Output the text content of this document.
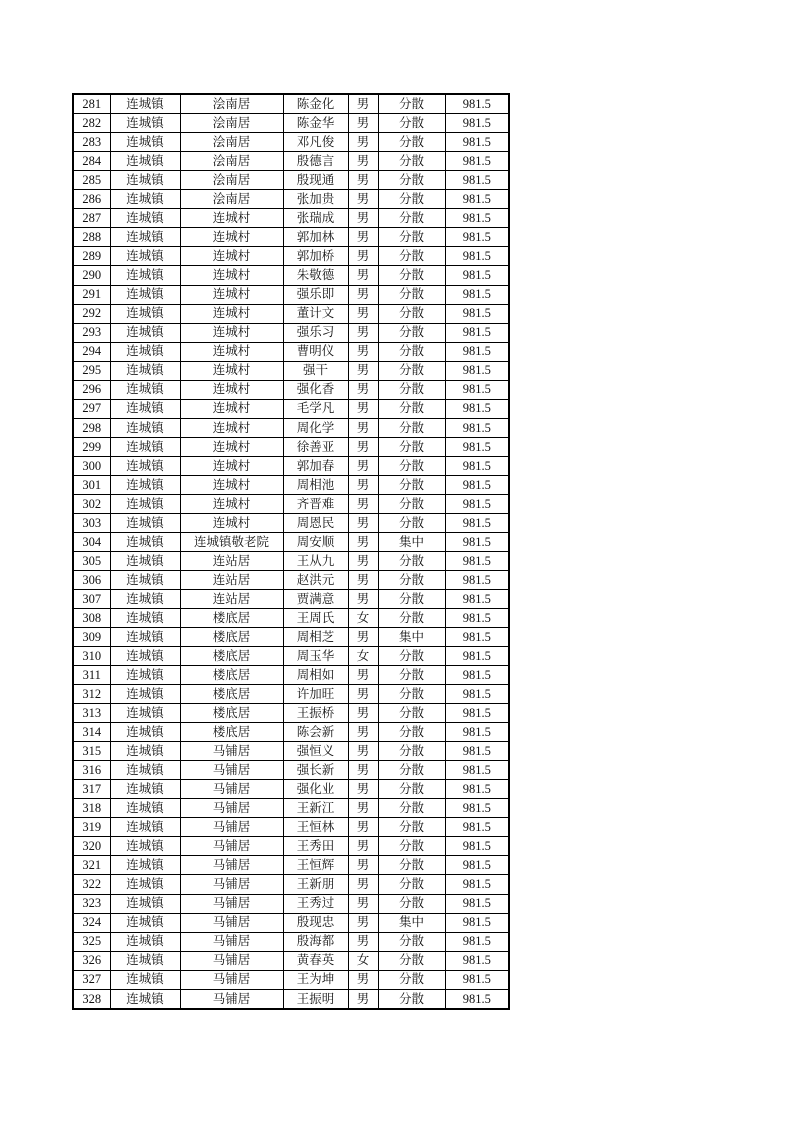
281	连城镇	浍南居	陈金化	男	分散	981.5
282	连城镇	浍南居	陈金华	男	分散	981.5
283	连城镇	浍南居	邓凡俊	男	分散	981.5
284	连城镇	浍南居	殷德言	男	分散	981.5
285	连城镇	浍南居	殷现通	男	分散	981.5
286	连城镇	浍南居	张加贵	男	分散	981.5
287	连城镇	连城村	张瑞成	男	分散	981.5
288	连城镇	连城村	郭加林	男	分散	981.5
289	连城镇	连城村	郭加桥	男	分散	981.5
290	连城镇	连城村	朱敬德	男	分散	981.5
291	连城镇	连城村	强乐即	男	分散	981.5
292	连城镇	连城村	董计文	男	分散	981.5
293	连城镇	连城村	强乐习	男	分散	981.5
294	连城镇	连城村	曹明仪	男	分散	981.5
295	连城镇	连城村	强干	男	分散	981.5
296	连城镇	连城村	强化香	男	分散	981.5
297	连城镇	连城村	毛学凡	男	分散	981.5
298	连城镇	连城村	周化学	男	分散	981.5
299	连城镇	连城村	徐善亚	男	分散	981.5
300	连城镇	连城村	郭加春	男	分散	981.5
301	连城镇	连城村	周相池	男	分散	981.5
302	连城镇	连城村	齐晋难	男	分散	981.5
303	连城镇	连城村	周恩民	男	分散	981.5
304	连城镇	连城镇敬老院	周安顺	男	集中	981.5
305	连城镇	连站居	王从九	男	分散	981.5
306	连城镇	连站居	赵洪元	男	分散	981.5
307	连城镇	连站居	贾满意	男	分散	981.5
308	连城镇	楼底居	王周氏	女	分散	981.5
309	连城镇	楼底居	周相芝	男	集中	981.5
310	连城镇	楼底居	周玉华	女	分散	981.5
311	连城镇	楼底居	周相如	男	分散	981.5
312	连城镇	楼底居	许加旺	男	分散	981.5
313	连城镇	楼底居	王振桥	男	分散	981.5
314	连城镇	楼底居	陈会新	男	分散	981.5
315	连城镇	马铺居	强恒义	男	分散	981.5
316	连城镇	马铺居	强长新	男	分散	981.5
317	连城镇	马铺居	强化业	男	分散	981.5
318	连城镇	马铺居	王新江	男	分散	981.5
319	连城镇	马铺居	王恒林	男	分散	981.5
320	连城镇	马铺居	王秀田	男	分散	981.5
321	连城镇	马铺居	王恒辉	男	分散	981.5
322	连城镇	马铺居	王新朋	男	分散	981.5
323	连城镇	马铺居	王秀过	男	分散	981.5
324	连城镇	马铺居	殷现忠	男	集中	981.5
325	连城镇	马铺居	殷海都	男	分散	981.5
326	连城镇	马铺居	黄春英	女	分散	981.5
327	连城镇	马铺居	王为坤	男	分散	981.5
328	连城镇	马铺居	王振明	男	分散	981.5
